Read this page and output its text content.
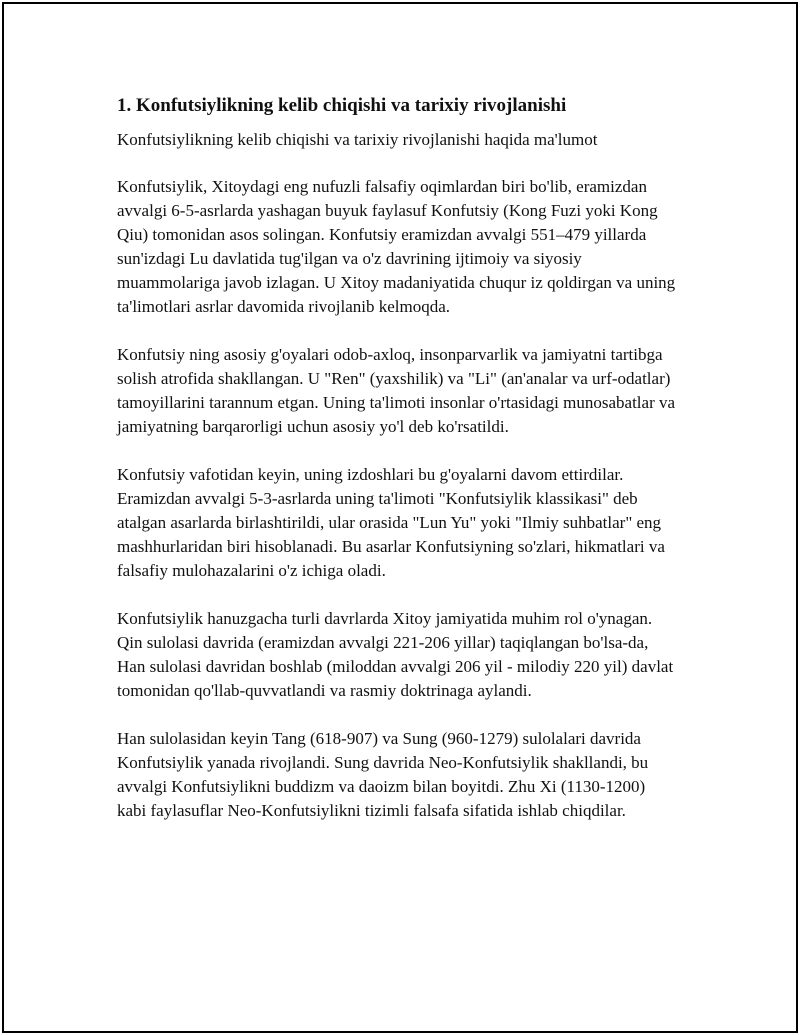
1. Konfutsiylikning kelib chiqishi va tarixiy rivojlanishi

Konfutsiylikning kelib chiqishi va tarixiy rivojlanishi haqida ma'lumot

Konfutsiylik, Xitoydagi eng nufuzli falsafiy oqimlardan biri bo'lib, eramizdan avvalgi 6-5-asrlarda yashagan buyuk faylasuf Konfutsiy (Kong Fuzi yoki Kong Qiu) tomonidan asos solingan. Konfutsiy eramizdan avvalgi 551–479 yillarda sun'izdagi Lu davlatida tug'ilgan va o'z davrining ijtimoiy va siyosiy muammolariga javob izlagan. U Xitoy madaniyatida chuqur iz qoldirgan va uning ta'limotlari asrlar davomida rivojlanib kelmoqda.

Konfutsiy ning asosiy g'oyalari odob-axloq, insonparvarlik va jamiyatni tartibga solish atrofida shakllangan. U "Ren" (yaxshilik) va "Li" (an'analar va urf-odatlar) tamoyillarini tarannum etgan. Uning ta'limoti insonlar o'rtasidagi munosabatlar va jamiyatning barqarorligi uchun asosiy yo'l deb ko'rsatildi.

Konfutsiy vafotidan keyin, uning izdoshlari bu g'oyalarni davom ettirdilar. Eramizdan avvalgi 5-3-asrlarda uning ta'limoti "Konfutsiylik klassikasi" deb atalgan asarlarda birlashtirildi, ular orasida "Lun Yu" yoki "Ilmiy suhbatlar" eng mashhurlaridan biri hisoblanadi. Bu asarlar Konfutsiyning so'zlari, hikmatlari va falsafiy mulohazalarini o'z ichiga oladi.

Konfutsiylik hanuzgacha turli davrlarda Xitoy jamiyatida muhim rol o'ynagan. Qin sulolasi davrida (eramizdan avvalgi 221-206 yillar) taqiqlangan bo'lsa-da, Han sulolasi davridan boshlab (miloddan avvalgi 206 yil - milodiy 220 yil) davlat tomonidan qo'llab-quvvatlandi va rasmiy doktrinaga aylandi.

Han sulolasidan keyin Tang (618-907) va Sung (960-1279) sulolalari davrida Konfutsiylik yanada rivojlandi. Sung davrida Neo-Konfutsiylik shakllandi, bu avvalgi Konfutsiylikni buddizm va daoizm bilan boyitdi. Zhu Xi (1130-1200) kabi faylasuflar Neo-Konfutsiylikni tizimli falsafa sifatida ishlab chiqdilar.
